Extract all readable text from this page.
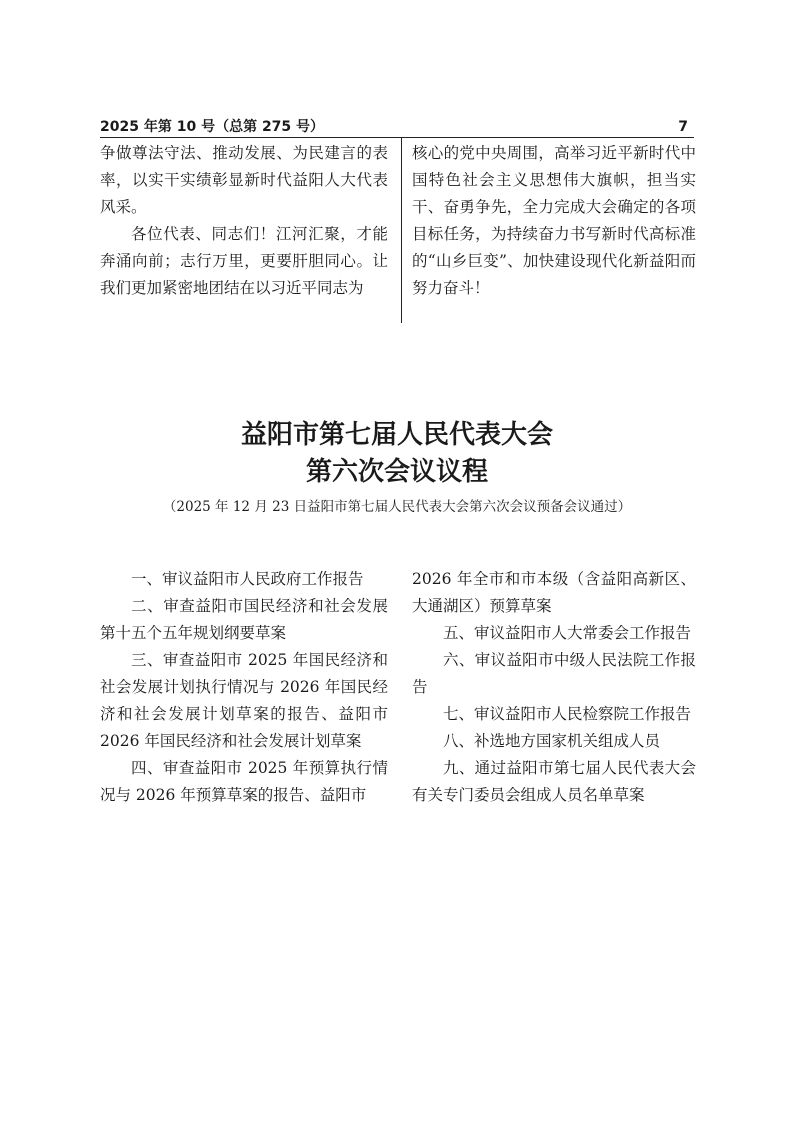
2025 年第 10 号（总第 275 号）	7

争做尊法守法、推动发展、为民建言的表率，以实干实绩彰显新时代益阳人大代表风采。

各位代表、同志们！江河汇聚，才能奔涌向前；志行万里，更要肝胆同心。让我们更加紧密地团结在以习近平同志为

核心的党中央周围，高举习近平新时代中国特色社会主义思想伟大旗帜，担当实干、奋勇争先，全力完成大会确定的各项目标任务，为持续奋力书写新时代高标准的“山乡巨变”、加快建设现代化新益阳而努力奋斗！

益阳市第七届人民代表大会
第六次会议议程
（2025 年 12 月 23 日益阳市第七届人民代表大会第六次会议预备会议通过）

一、审议益阳市人民政府工作报告

二、审查益阳市国民经济和社会发展第十五个五年规划纲要草案

三、审查益阳市 2025 年国民经济和社会发展计划执行情况与 2026 年国民经济和社会发展计划草案的报告、益阳市 2026 年国民经济和社会发展计划草案

四、审查益阳市 2025 年预算执行情况与 2026 年预算草案的报告、益阳市

2026 年全市和市本级（含益阳高新区、大通湖区）预算草案

五、审议益阳市人大常委会工作报告

六、审议益阳市中级人民法院工作报告

七、审议益阳市人民检察院工作报告

八、补选地方国家机关组成人员

九、通过益阳市第七届人民代表大会有关专门委员会组成人员名单草案
